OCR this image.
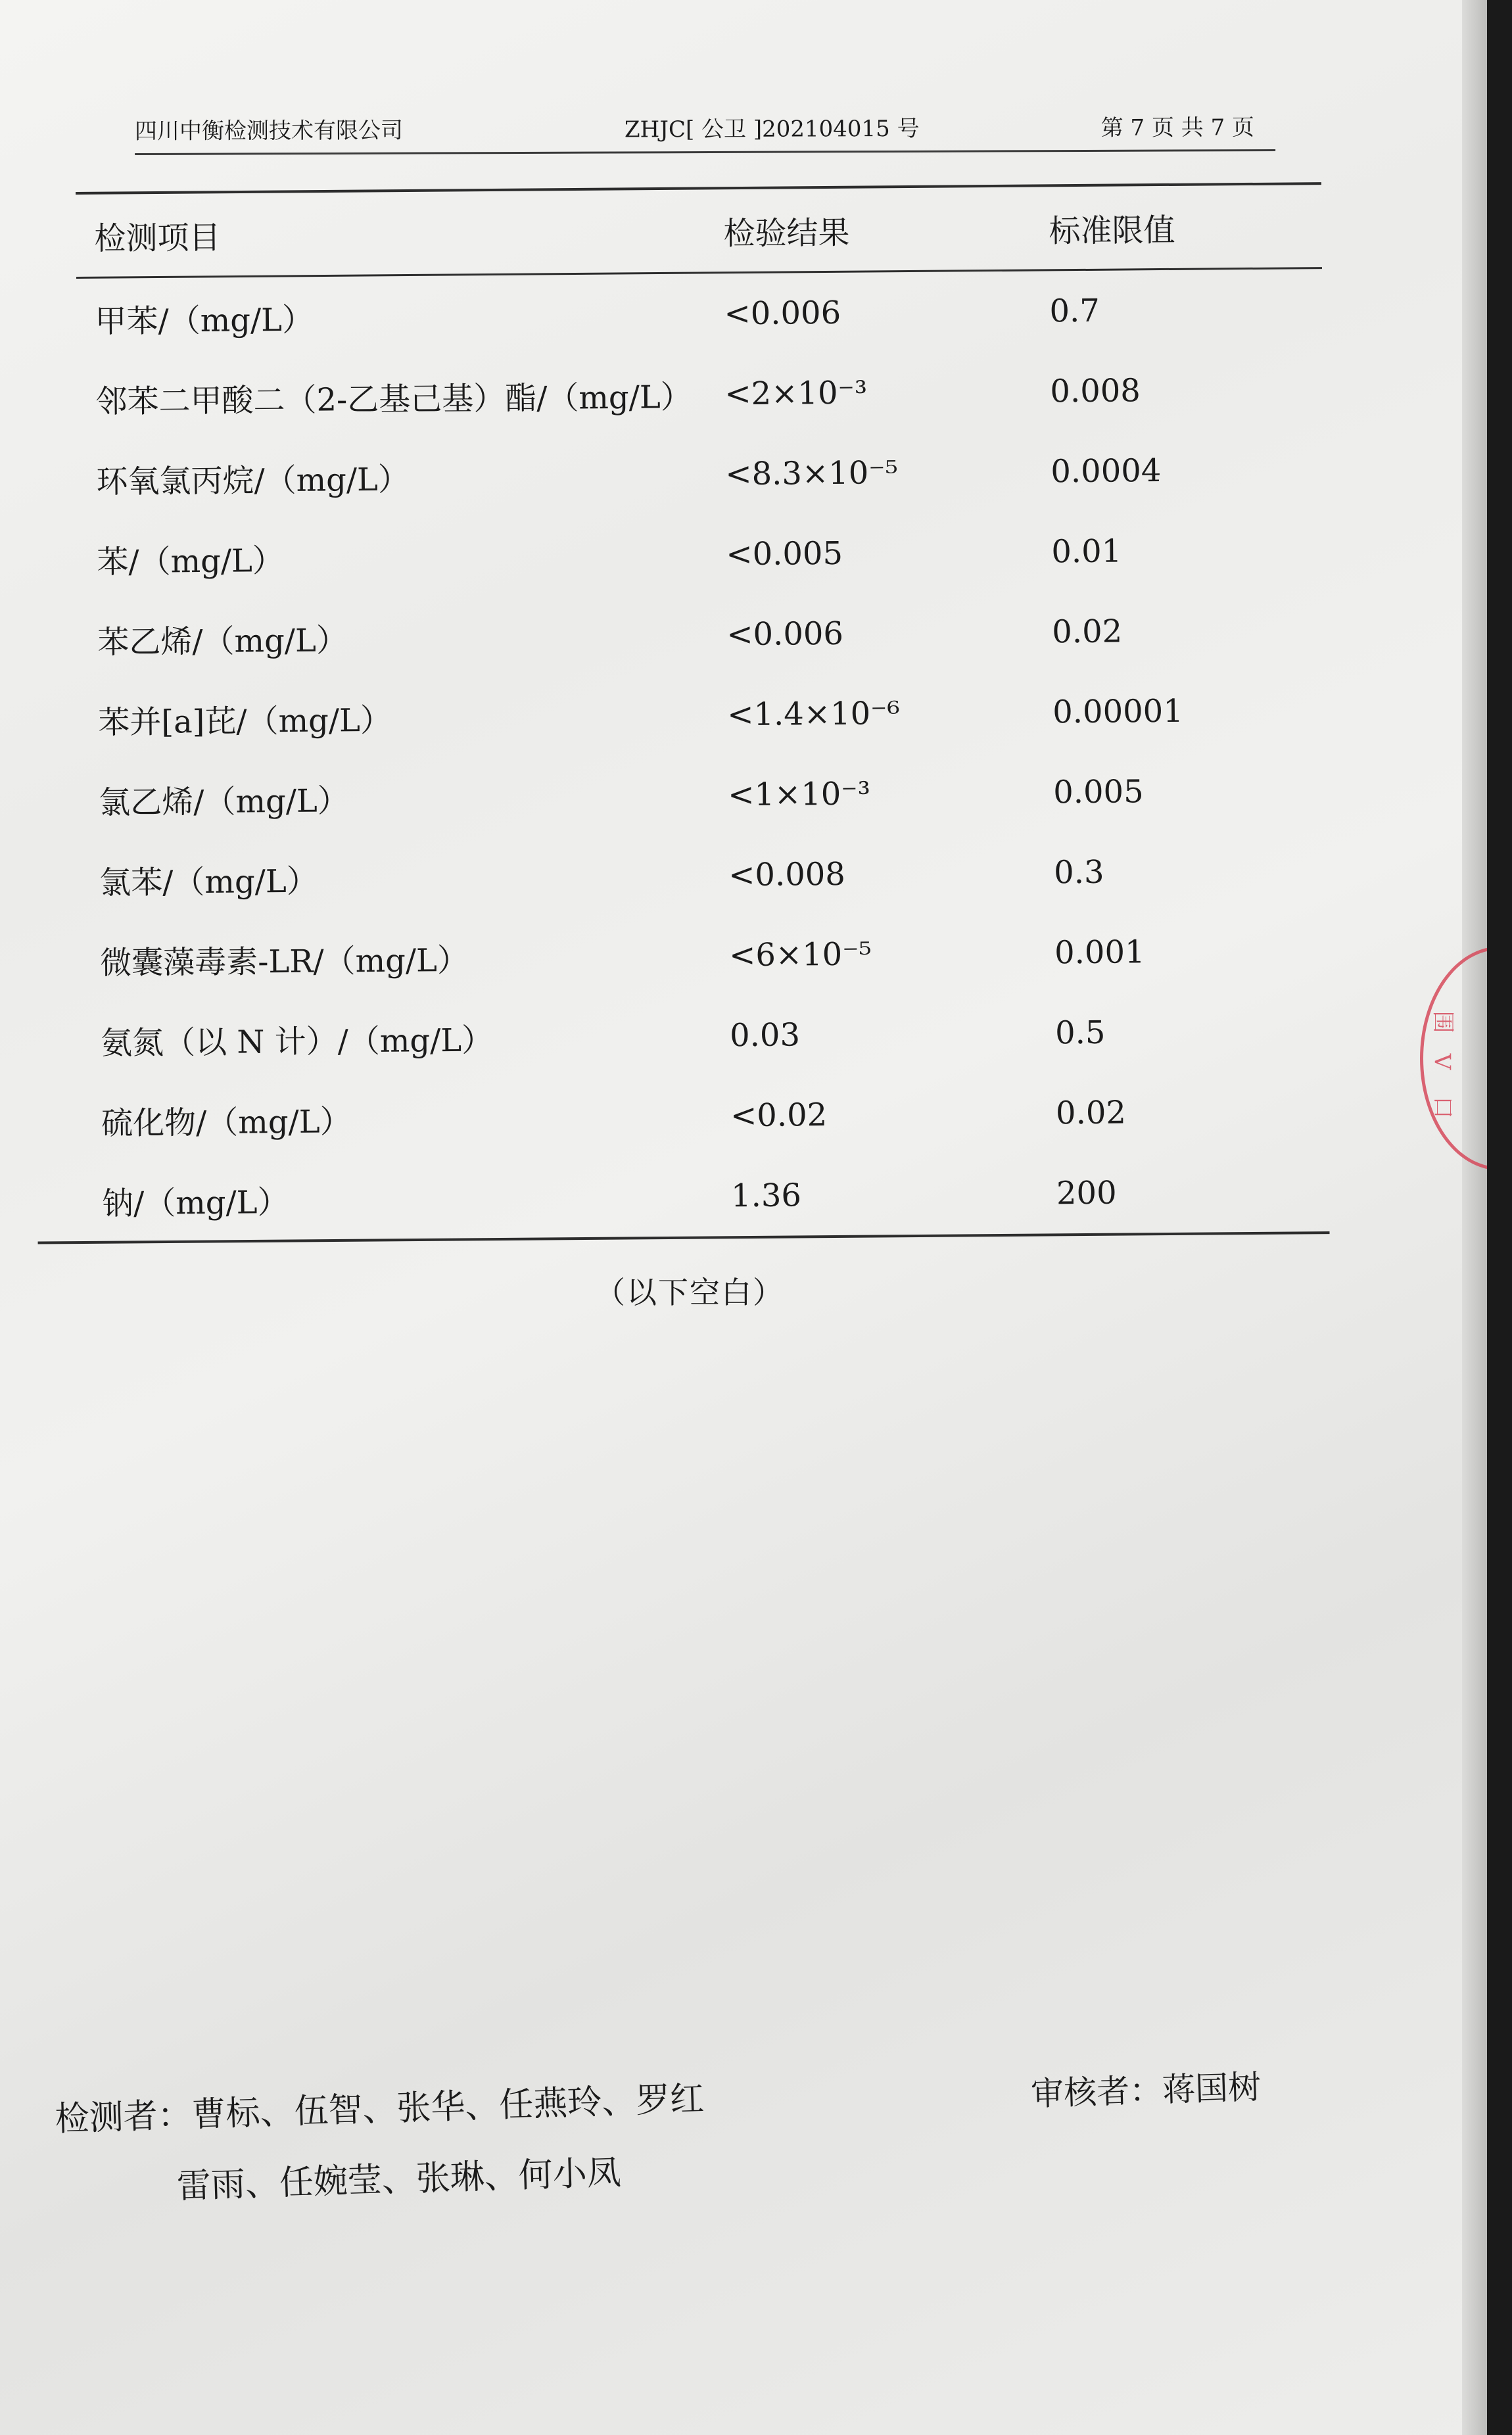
四川中衡检测技术有限公司	ZHJC[ 公卫 ]202104015 号	第 7 页 共 7 页
检测项目	检验结果	标准限值
甲苯/（mg/L）	<0.006	0.7
邻苯二甲酸二（2-乙基己基）酯/（mg/L） <2×10⁻³	0.008
环氧氯丙烷/（mg/L）	<8.3×10⁻⁵	0.0004
苯/（mg/L）	<0.005	0.01
苯乙烯/（mg/L）	<0.006	0.02
苯并[a]芘/（mg/L）	<1.4×10⁻⁶	0.00001
氯乙烯/（mg/L）	<1×10⁻³	0.005
氯苯/（mg/L）	<0.008	0.3
微囊藻毒素-LR/（mg/L）	<6×10⁻⁵	0.001
氨氮（以 N 计）/（mg/L）	0.03	0.5
硫化物/（mg/L）	<0.02	0.02
钠/（mg/L）	1.36	200
（以下空白）
检测者：曹标、伍智、张华、任燕玲、罗红
雷雨、任婉莹、张琳、何小凤
审核者：蒋国树
围
V
口
